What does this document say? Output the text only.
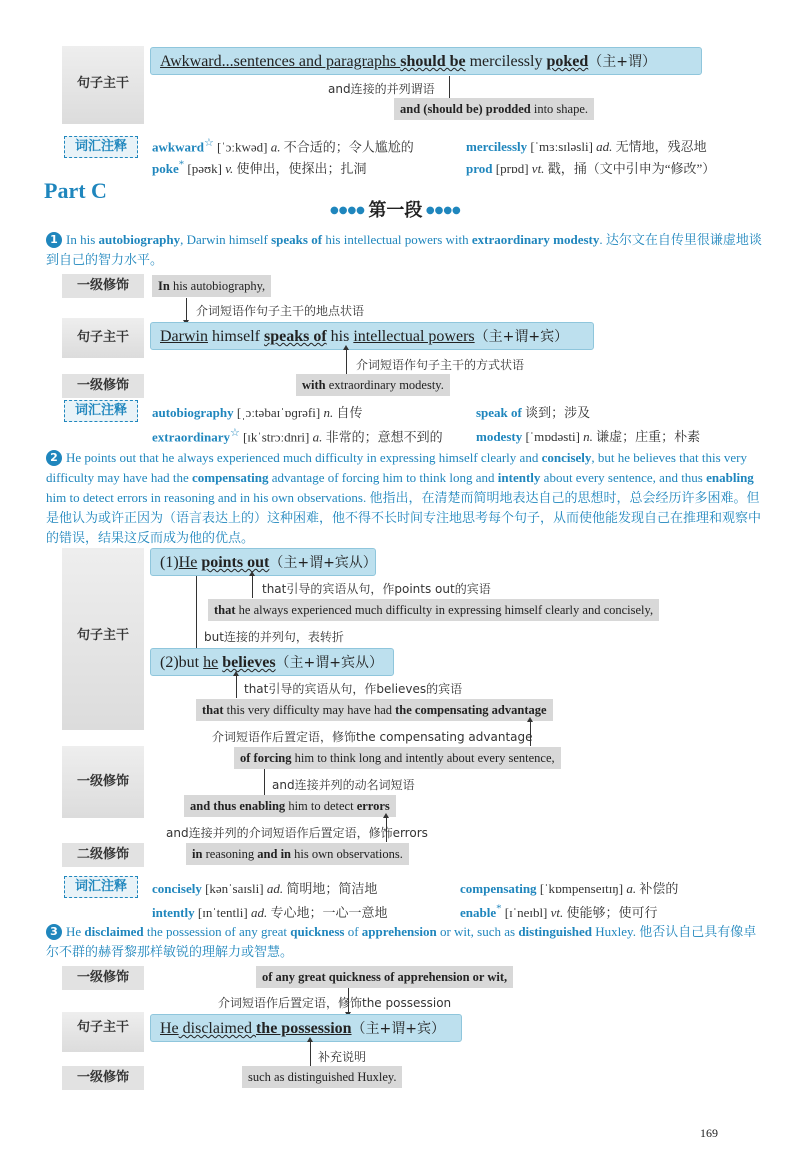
句子主干
Awkward...sentences and paragraphs should be mercilessly poked（主+谓）
and连接的并列谓语
and (should be) prodded into shape.
词汇注释	awkward☆ [ˈɔːkwəd] a. 不合适的；令人尴尬的	mercilessly [ˈmɜːsɪləsli] ad. 无情地，残忍地
poke* [pəʊk] v. 使伸出，使探出；扎洞	prod [prɒd] vt. 戳，捅（文中引申为“修改”）
Part C
●●●● 第一段 ●●●●
1 In his autobiography, Darwin himself speaks of his intellectual powers with extraordinary modesty. 达尔文在自传里很谦虚地谈到自己的智力水平。
一级修饰	In his autobiography,
介词短语作句子主干的地点状语
句子主干	Darwin himself speaks of his intellectual powers（主+谓+宾）
介词短语作句子主干的方式状语
一级修饰	with extraordinary modesty.
词汇注释	autobiography [ˌɔːtəbaɪˈɒɡrəfi] n. 自传	speak of 谈到；涉及
extraordinary☆ [ɪkˈstrɔːdnri] a. 非常的；意想不到的	modesty [ˈmɒdəsti] n. 谦虚；庄重；朴素
2 He points out that he always experienced much difficulty in expressing himself clearly and concisely, but he believes that this very difficulty may have had the compensating advantage of forcing him to think long and intently about every sentence, and thus enabling him to detect errors in reasoning and in his own observations. 他指出，在清楚而简明地表达自己的思想时，总会经历许多困难。但是他认为或许正因为（语言表达上的）这种困难，他不得不长时间专注地思考每个句子，从而使他能发现自己在推理和观察中的错误，结果这反而成为他的优点。
句子主干
(1)He points out（主+谓+宾从）
that引导的宾语从句，作points out的宾语
that he always experienced much difficulty in expressing himself clearly and concisely,
but连接的并列句，表转折
(2)but he believes（主+谓+宾从）
that引导的宾语从句，作believes的宾语
that this very difficulty may have had the compensating advantage
一级修饰
介词短语作后置定语，修饰the compensating advantage
of forcing him to think long and intently about every sentence,
and连接并列的动名词短语
and thus enabling him to detect errors
and连接并列的介词短语作后置定语，修饰errors
二级修饰	in reasoning and in his own observations.
词汇注释	concisely [kənˈsaɪsli] ad. 简明地；简洁地	compensating [ˈkɒmpenseɪtɪŋ] a. 补偿的
intently [ɪnˈtentli] ad. 专心地；一心一意地	enable* [ɪˈneɪbl] vt. 使能够；使可行
3 He disclaimed the possession of any great quickness of apprehension or wit, such as distinguished Huxley. 他否认自己具有像卓尔不群的赫胥黎那样敏锐的理解力或智慧。
一级修饰	of any great quickness of apprehension or wit,
介词短语作后置定语，修饰the possession
句子主干	He disclaimed the possession（主+谓+宾）
补充说明
一级修饰	such as distinguished Huxley.
169
